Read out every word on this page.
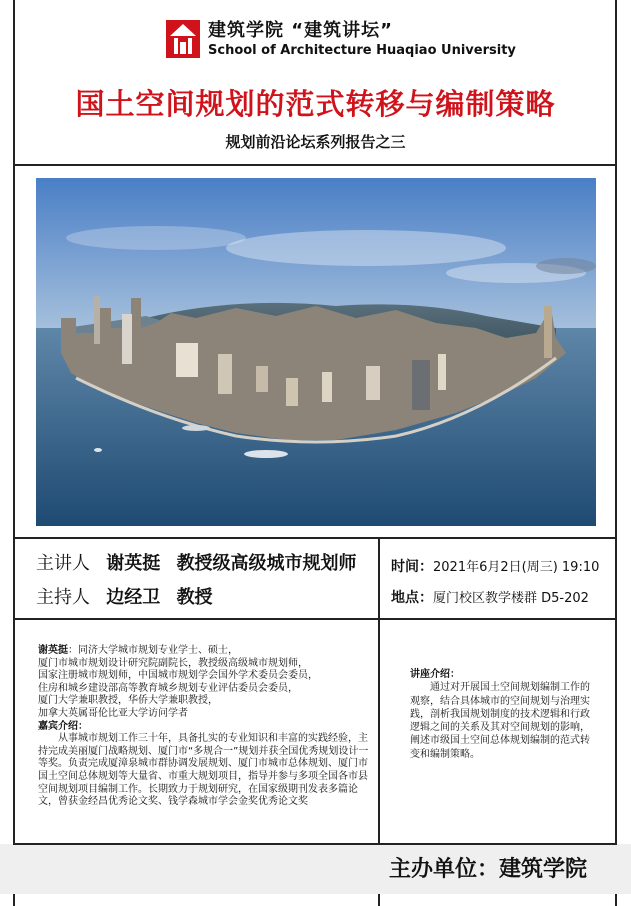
建筑学院 “建筑讲坛”
School of Architecture Huaqiao University
国土空间规划的范式转移与编制策略
规划前沿论坛系列报告之三
主讲人 谢英挺 教授级高级城市规划师
主持人 边经卫 教授
时间：2021年6月2日(周三) 19:10
地点：厦门校区教学楼群 D5-202

谢英挺：同济大学城市规划专业学士、硕士，

厦门市城市规划设计研究院副院长，教授级高级城市规划师，

国家注册城市规划师，中国城市规划学会国外学术委员会委员，

住房和城乡建设部高等教育城乡规划专业评估委员会委员，

厦门大学兼职教授，华侨大学兼职教授，

加拿大英属哥伦比亚大学访问学者

嘉宾介绍：

从事城市规划工作三十年，具备扎实的专业知识和丰富的实践经验，主持完成美丽厦门战略规划、厦门市“多规合一”规划并获全国优秀规划设计一等奖。负责完成厦漳泉城市群协调发展规划、厦门市城市总体规划、厦门市国土空间总体规划等大量省、市重大规划项目，指导并参与多项全国各市县空间规划项目编制工作。长期致力于规划研究，在国家级期刊发表多篇论文，曾获金经昌优秀论文奖、钱学森城市学会金奖优秀论文奖

讲座介绍：

通过对开展国土空间规划编制工作的观察，结合具体城市的空间规划与治理实践，剖析我国规划制度的技术逻辑和行政逻辑之间的关系及其对空间规划的影响，阐述市级国土空间总体规划编制的范式转变和编制策略。

主办单位：建筑学院
